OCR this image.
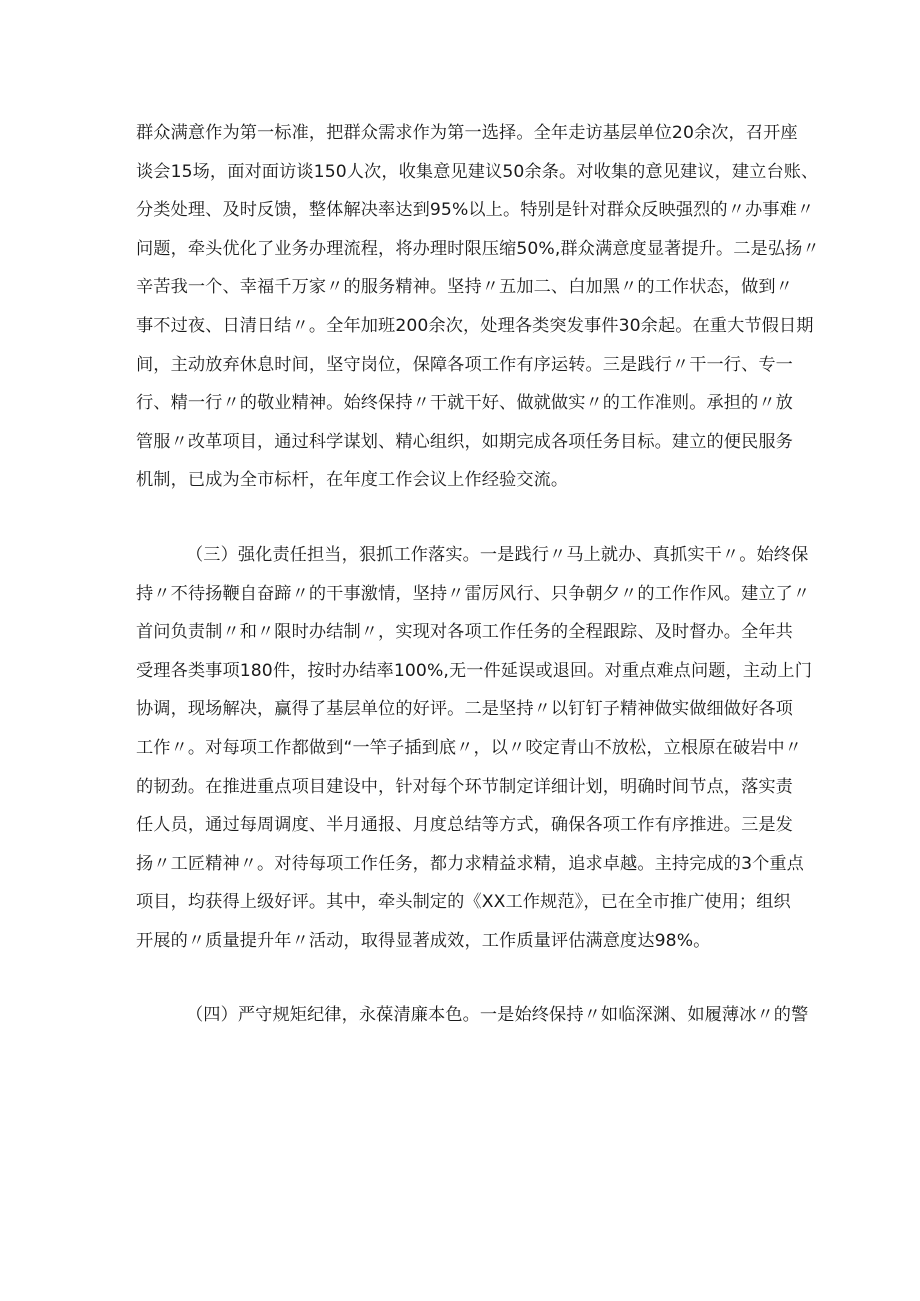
群众满意作为第一标准，把群众需求作为第一选择。全年走访基层单位20余次，召开座
谈会15场，面对面访谈150人次，收集意见建议50余条。对收集的意见建议，建立台账、
分类处理、及时反馈，整体解决率达到95%以上。特别是针对群众反映强烈的〃办事难〃
问题，牵头优化了业务办理流程，将办理时限压缩50%,群众满意度显著提升。二是弘扬〃
辛苦我一个、幸福千万家〃的服务精神。坚持〃五加二、白加黑〃的工作状态，做到〃
事不过夜、日清日结〃。全年加班200余次，处理各类突发事件30余起。在重大节假日期
间，主动放弃休息时间，坚守岗位，保障各项工作有序运转。三是践行〃干一行、专一
行、精一行〃的敬业精神。始终保持〃干就干好、做就做实〃的工作准则。承担的〃放
管服〃改革项目，通过科学谋划、精心组织，如期完成各项任务目标。建立的便民服务
机制，已成为全市标杆，在年度工作会议上作经验交流。
（三）强化责任担当，狠抓工作落实。一是践行〃马上就办、真抓实干〃。始终保
持〃不待扬鞭自奋蹄〃的干事激情，坚持〃雷厉风行、只争朝夕〃的工作作风。建立了〃
首问负责制〃和〃限时办结制〃，实现对各项工作任务的全程跟踪、及时督办。全年共
受理各类事项180件，按时办结率100%,无一件延误或退回。对重点难点问题，主动上门
协调，现场解决，赢得了基层单位的好评。二是坚持〃以钉钉子精神做实做细做好各项
工作〃。对每项工作都做到“一竿子插到底〃，以〃咬定青山不放松，立根原在破岩中〃
的韧劲。在推进重点项目建设中，针对每个环节制定详细计划，明确时间节点，落实责
任人员，通过每周调度、半月通报、月度总结等方式，确保各项工作有序推进。三是发
扬〃工匠精神〃。对待每项工作任务，都力求精益求精，追求卓越。主持完成的3个重点
项目，均获得上级好评。其中，牵头制定的《XX工作规范》，已在全市推广使用；组织
开展的〃质量提升年〃活动，取得显著成效，工作质量评估满意度达98%。
（四）严守规矩纪律，永葆清廉本色。一是始终保持〃如临深渊、如履薄冰〃的警
